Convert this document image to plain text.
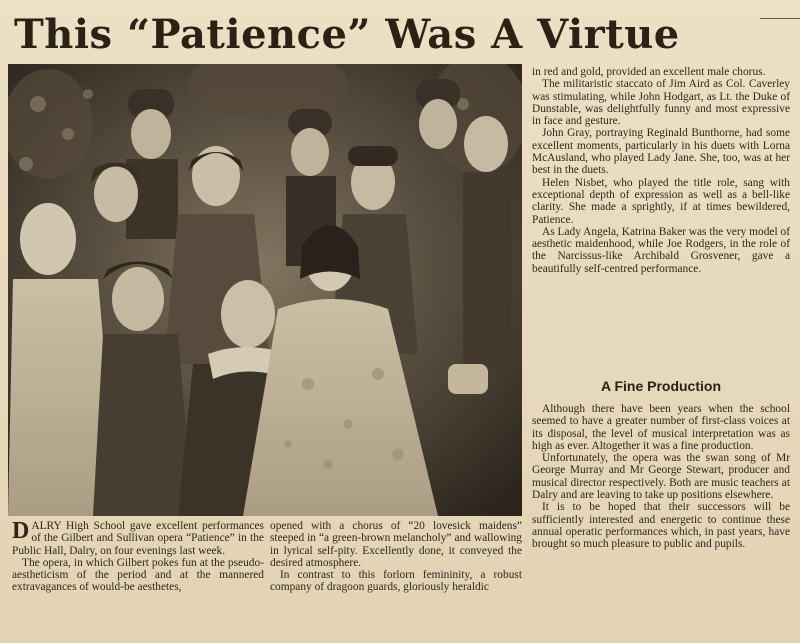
This “Patience” Was A Virtue

DALRY High School gave excellent performances of the Gilbert and Sullivan opera “Patience” in the Public Hall, Dalry, on four evenings last week.

The opera, in which Gilbert pokes fun at the pseudo-aestheticism of the period and at the mannered extravagances of would-be aesthetes,

opened with a chorus of “20 lovesick maidens” steeped in “a green-brown melancholy” and wallowing in lyrical self-pity. Excellently done, it conveyed the desired atmosphere.

In contrast to this forlorn femininity, a robust company of dragoon guards, gloriously heraldic

in red and gold, provided an excellent male chorus.

The militaristic staccato of Jim Aird as Col. Caverley was stimulating, while John Hodgart, as Lt. the Duke of Dunstable, was delightfully funny and most expressive in face and gesture.

John Gray, portraying Reginald Bunthorne, had some excellent moments, particularly in his duets with Lorna McAusland, who played Lady Jane. She, too, was at her best in the duets.

Helen Nisbet, who played the title role, sang with exceptional depth of expression as well as a bell-like clarity. She made a sprightly, if at times bewildered, Patience.

As Lady Angela, Katrina Baker was the very model of aesthetic maidenhood, while Joe Rodgers, in the role of the Narcissus-like Archibald Grosvener, gave a beautifully self-centred performance.

A Fine Production

Although there have been years when the school seemed to have a greater number of first-class voices at its disposal, the level of musical interpretation was as high as ever. Altogether it was a fine production.

Unfortunately, the opera was the swan song of Mr George Murray and Mr George Stewart, producer and musical director respectively. Both are music teachers at Dalry and are leaving to take up positions elsewhere.

It is to be hoped that their successors will be sufficiently interested and energetic to continue these annual operatic performances which, in past years, have brought so much pleasure to public and pupils.
